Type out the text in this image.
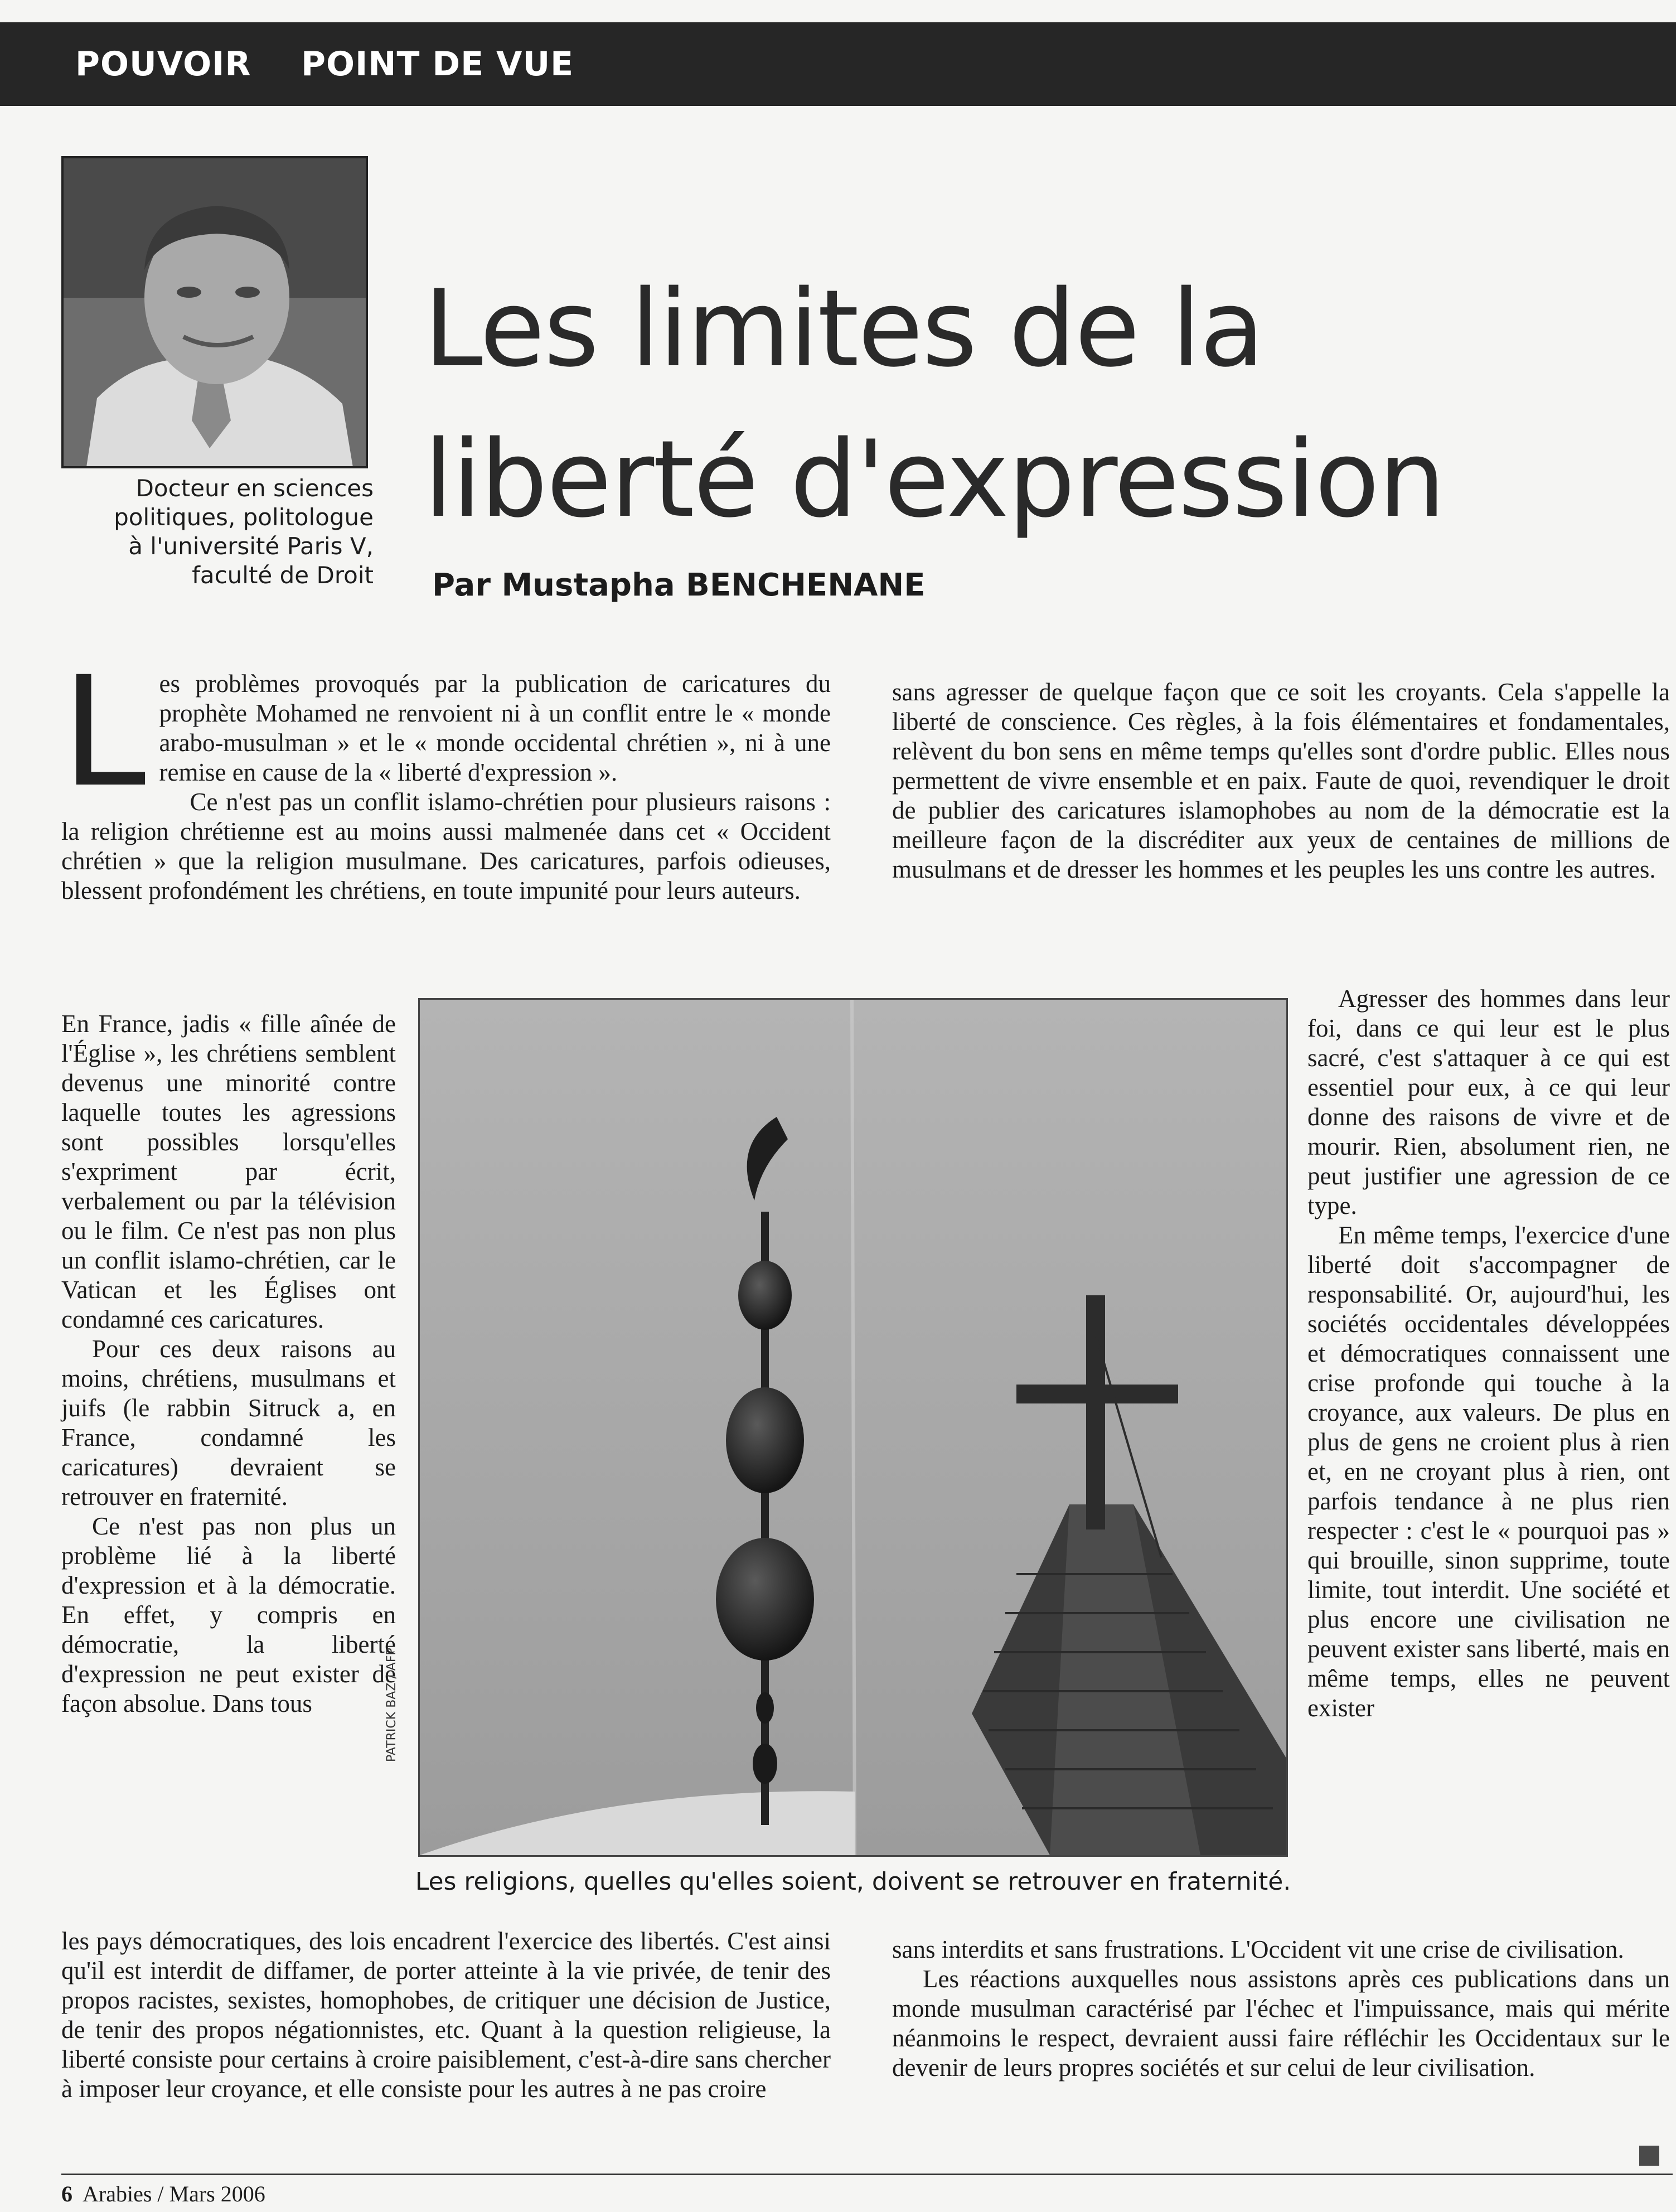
POUVOIR POINT DE VUE
Docteur en sciences
politiques, politologue
à l'université Paris V,
faculté de Droit
Les limites de la
liberté d'expression
Par Mustapha BENCHENANE

Les problèmes provoqués par la publication de caricatures du prophète Mohamed ne renvoient ni à un conflit entre le « monde arabo-musulman » et le « monde occidental chrétien », ni à une remise en cause de la « liberté d'expression ».

Ce n'est pas un conflit islamo-chrétien pour plusieurs raisons : la religion chrétienne est au moins aussi malmenée dans cet « Occident chrétien » que la religion musulmane. Des caricatures, parfois odieuses, blessent profondément les chrétiens, en toute impunité pour leurs auteurs.

En France, jadis « fille aînée de l'Église », les chrétiens semblent devenus une minorité contre laquelle toutes les agressions sont possibles lorsqu'elles s'expriment par écrit, verbalement ou par la télévision ou le film. Ce n'est pas non plus un conflit islamo-chrétien, car le Vatican et les Églises ont condamné ces caricatures.

Pour ces deux raisons au moins, chrétiens, musulmans et juifs (le rabbin Sitruck a, en France, condamné les caricatures) devraient se retrouver en fraternité.

Ce n'est pas non plus un problème lié à la liberté d'expression et à la démocratie. En effet, y compris en démocratie, la liberté d'expression ne peut exister de façon absolue. Dans tous

les pays démocratiques, des lois encadrent l'exercice des libertés. C'est ainsi qu'il est interdit de diffamer, de porter atteinte à la vie privée, de tenir des propos racistes, sexistes, homophobes, de critiquer une décision de Justice, de tenir des propos négationnistes, etc. Quant à la question religieuse, la liberté consiste pour certains à croire paisiblement, c'est-à-dire sans chercher à imposer leur croyance, et elle consiste pour les autres à ne pas croire

sans agresser de quelque façon que ce soit les croyants. Cela s'appelle la liberté de conscience. Ces règles, à la fois élémentaires et fondamentales, relèvent du bon sens en même temps qu'elles sont d'ordre public. Elles nous permettent de vivre ensemble et en paix. Faute de quoi, revendiquer le droit de publier des caricatures islamophobes au nom de la démocratie est la meilleure façon de la discréditer aux yeux de centaines de millions de musulmans et de dresser les hommes et les peuples les uns contre les autres.

Agresser des hommes dans leur foi, dans ce qui leur est le plus sacré, c'est s'attaquer à ce qui est essentiel pour eux, à ce qui leur donne des raisons de vivre et de mourir. Rien, absolument rien, ne peut justifier une agression de ce type.

En même temps, l'exercice d'une liberté doit s'accompagner de responsabilité. Or, aujourd'hui, les sociétés occidentales développées et démocratiques connaissent une crise profonde qui touche à la croyance, aux valeurs. De plus en plus de gens ne croient plus à rien et, en ne croyant plus à rien, ont parfois tendance à ne plus rien respecter : c'est le « pourquoi pas » qui brouille, sinon supprime, toute limite, tout interdit. Une société et plus encore une civilisation ne peuvent exister sans liberté, mais en même temps, elles ne peuvent exister

sans interdits et sans frustrations. L'Occident vit une crise de civilisation.

Les réactions auxquelles nous assistons après ces publications dans un monde musulman caractérisé par l'échec et l'impuissance, mais qui mérite néanmoins le respect, devraient aussi faire réfléchir les Occidentaux sur le devenir de leurs propres sociétés et sur celui de leur civilisation.

PATRICK BAZ / AFP
Les religions, quelles qu'elles soient, doivent se retrouver en fraternité.
6 Arabies / Mars 2006
